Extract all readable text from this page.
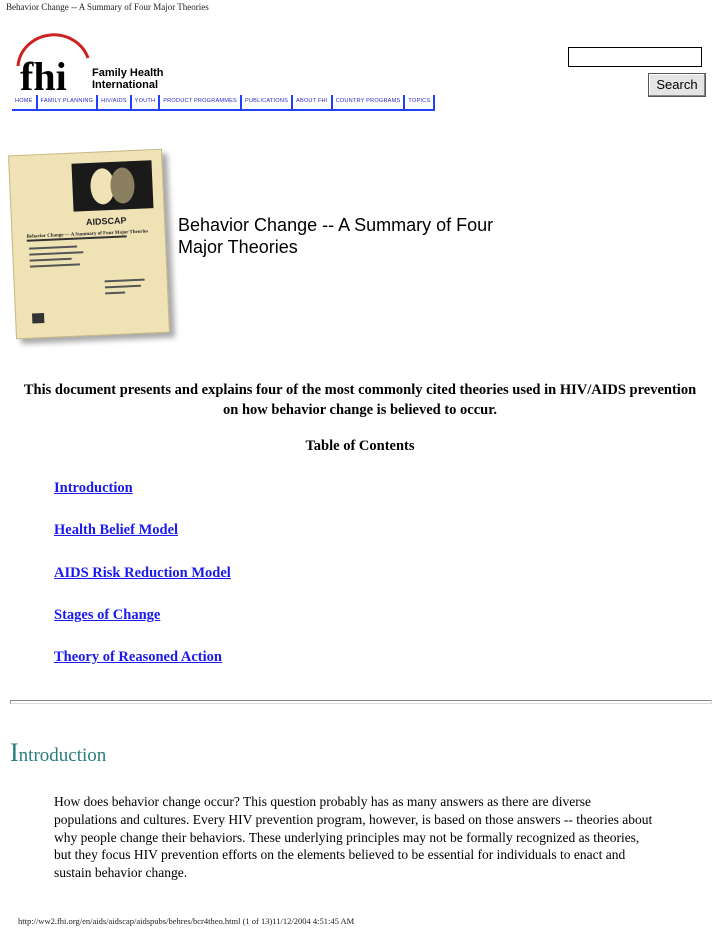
Behavior Change -- A Summary of Four Major Theories
fhi Family Health
International	Search
HOME	FAMILY PLANNING	HIV/AIDS	YOUTH	PRODUCT PROGRAMMES	PUBLICATIONS	ABOUT FHI	COUNTRY PROGRAMS	TOPICS
AIDSCAP
Behavior Change — A Summary of Four Major Theories Behavior Change -- A Summary of Four Major Theories
This document presents and explains four of the most commonly cited theories used in HIV/AIDS prevention on how behavior change is believed to occur.
Table of Contents
Introduction
Health Belief Model
AIDS Risk Reduction Model
Stages of Change
Theory of Reasoned Action
Introduction
How does behavior change occur? This question probably has as many answers as there are diverse populations and cultures. Every HIV prevention program, however, is based on those answers -- theories about why people change their behaviors. These underlying principles may not be formally recognized as theories, but they focus HIV prevention efforts on the elements believed to be essential for individuals to enact and sustain behavior change.
http://ww2.fhi.org/en/aids/aidscap/aidspubs/behres/bcr4theo.html (1 of 13)11/12/2004 4:51:45 AM
